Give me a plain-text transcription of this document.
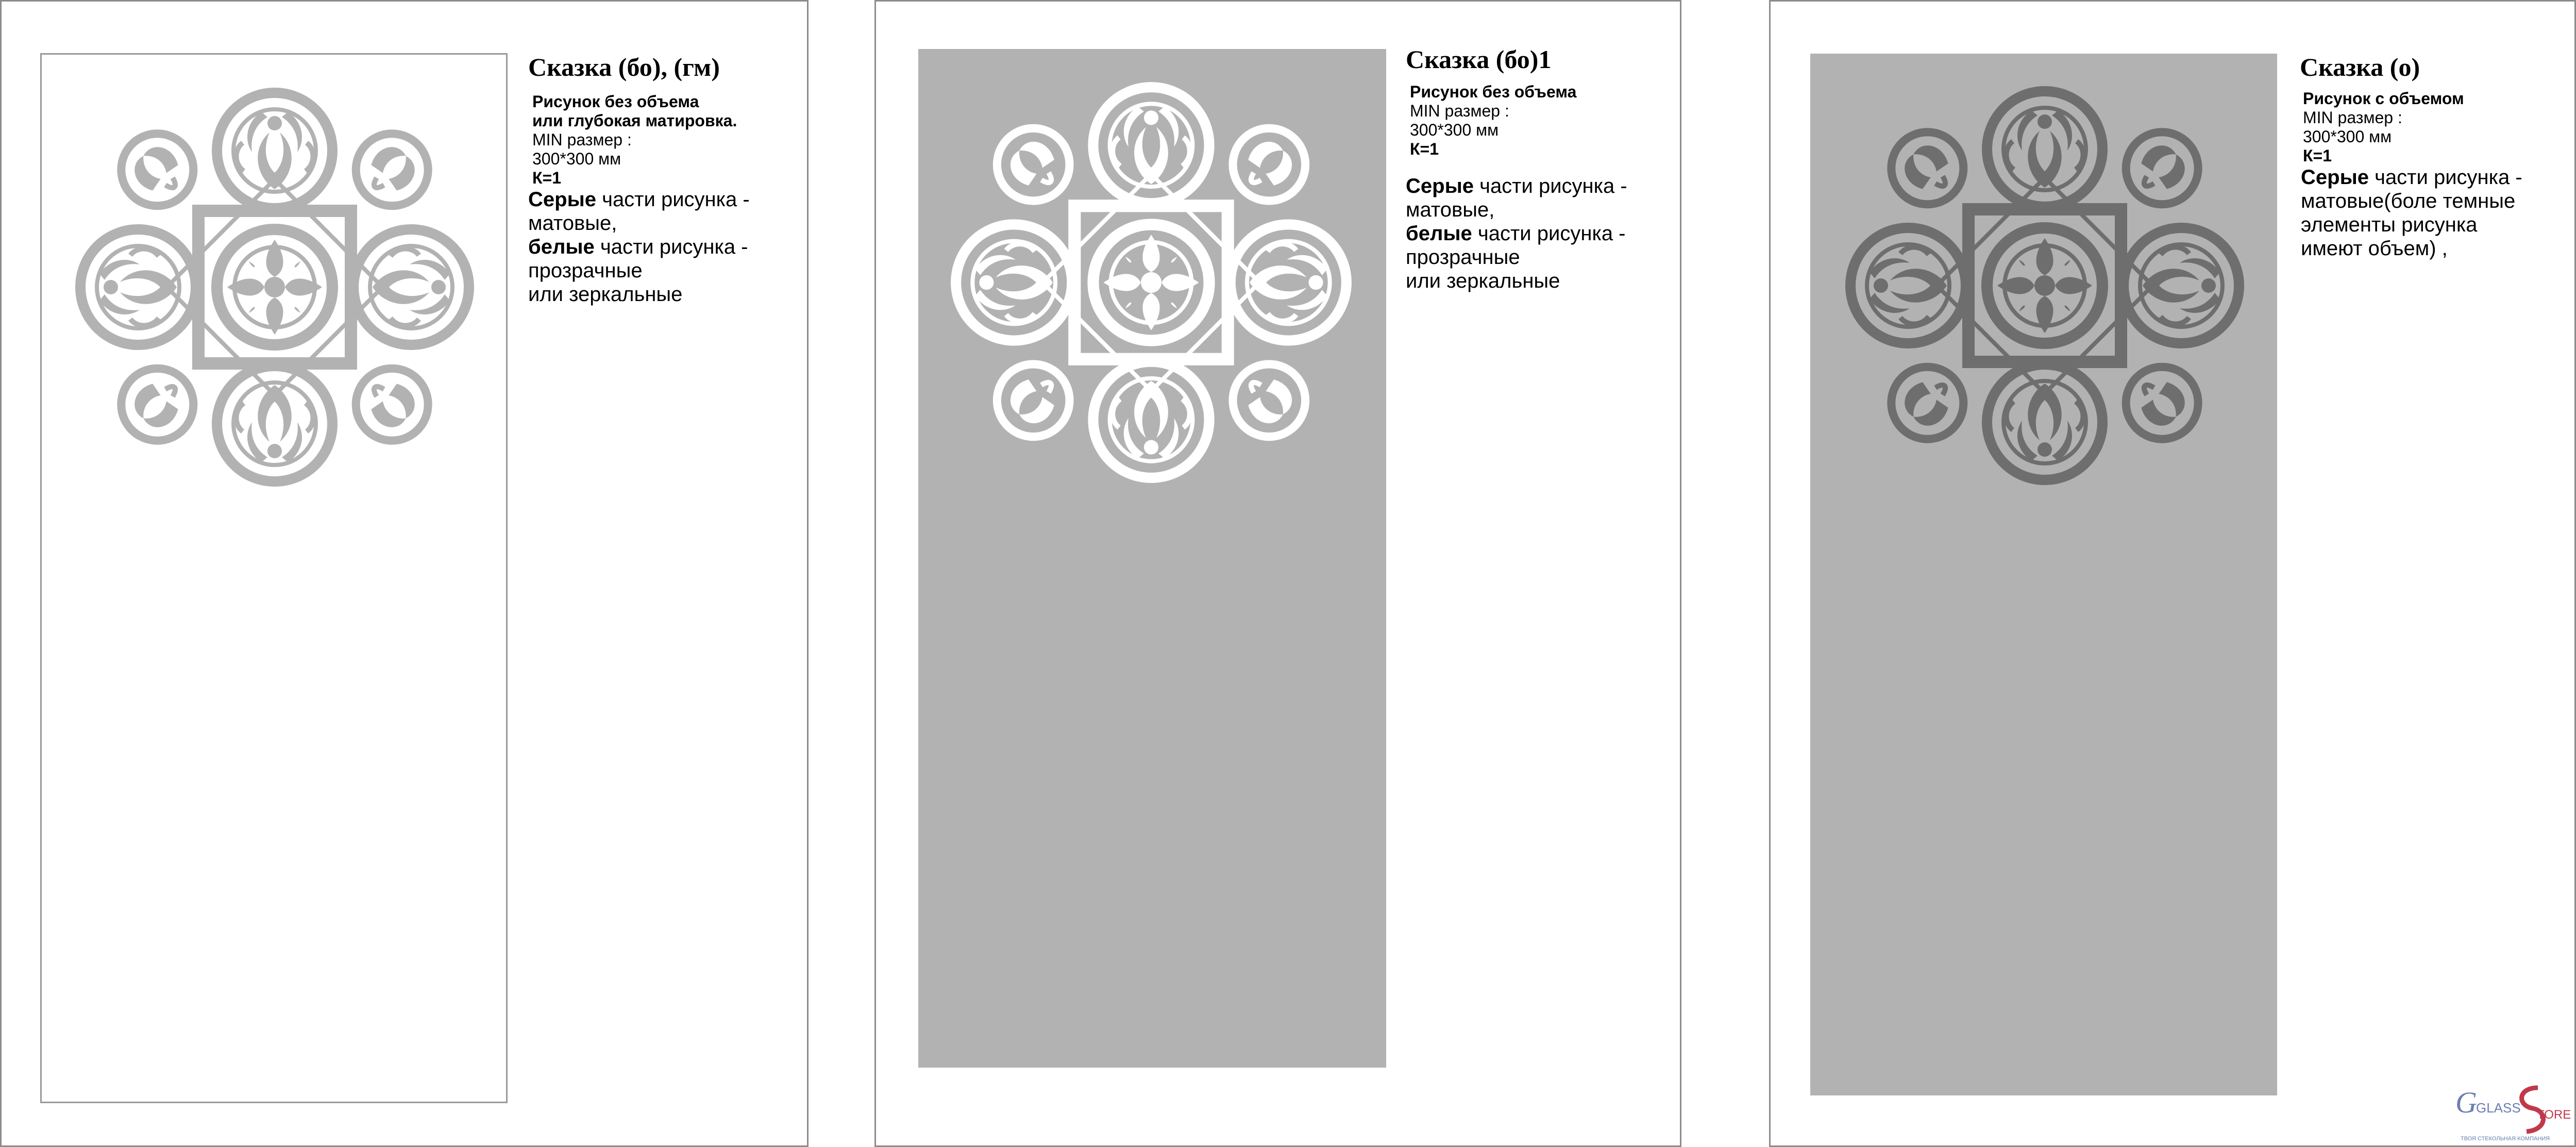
Сказка (бо), (гм)
Рисунок без объема
или глубокая матировка.
MIN размер :
300*300 мм
К=1
Серые части рисунка -
матовые,
белые части рисунка -
прозрачные
или зеркальные
Сказка (бо)1
Рисунок без объема
MIN размер :
300*300 мм
К=1
Серые части рисунка -
матовые,
белые части рисунка -
прозрачные
или зеркальные
Сказка (о)
Рисунок с объемом
MIN размер :
300*300 мм
К=1
Серые части рисунка -
матовые(боле темные
элементы рисунка
имеют объем) ,
G
GLASS TORE
ТВОЯ СТЕКОЛЬНАЯ КОМПАНИЯ
